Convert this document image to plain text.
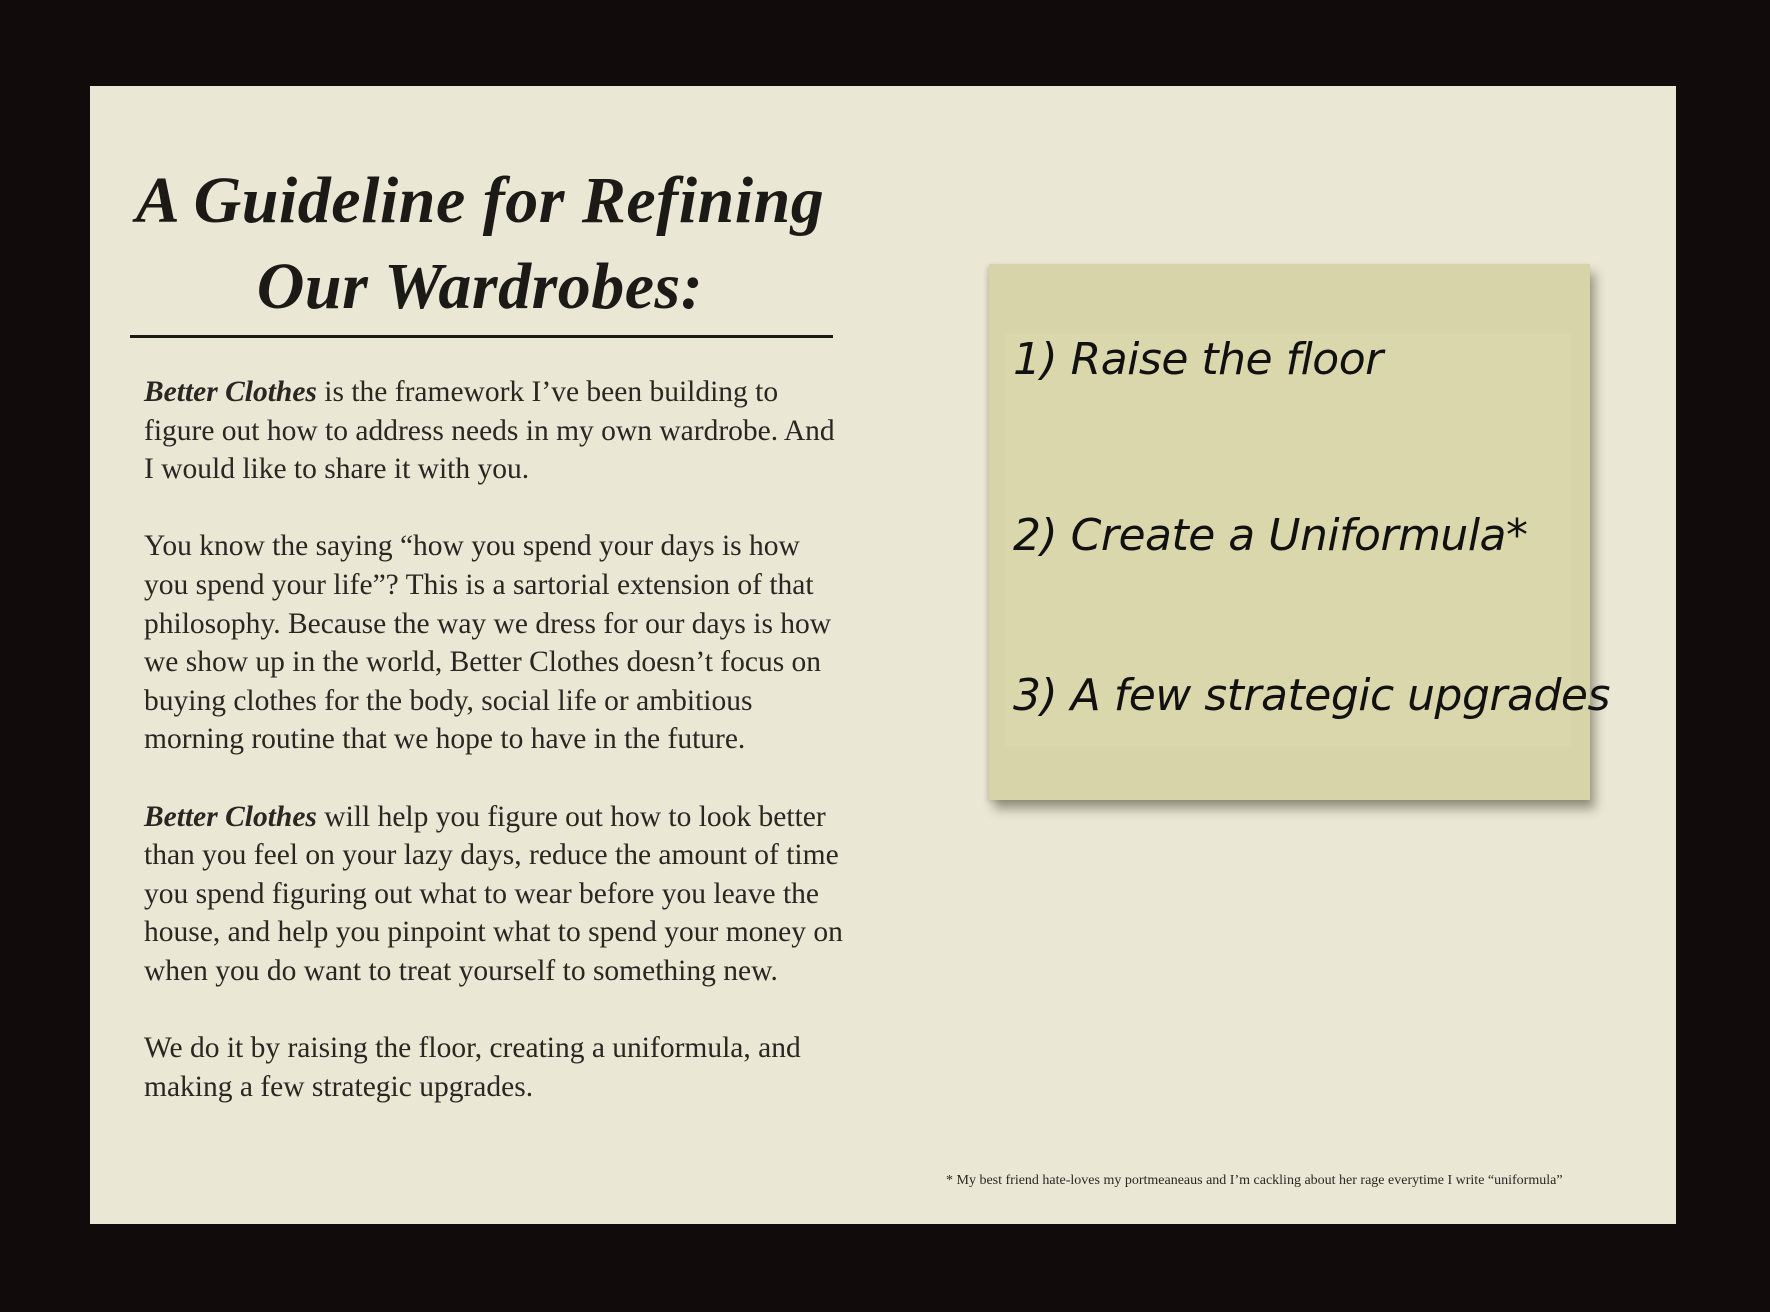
A Guideline for Refining
Our Wardrobes:

Better Clothes is the framework I’ve been building to figure out how to address needs in my own wardrobe. And I would like to share it with you.

You know the saying “how you spend your days is how you spend your life”? This is a sartorial extension of that philosophy. Because the way we dress for our days is how we show up in the world, Better Clothes doesn’t focus on buying clothes for the body, social life or ambitious morning routine that we hope to have in the future.

Better Clothes will help you figure out how to look better than you feel on your lazy days, reduce the amount of time you spend figuring out what to wear before you leave the house, and help you pinpoint what to spend your money on when you do want to treat yourself to something new.

We do it by raising the floor, creating a uniformula, and making a few strategic upgrades.

1) Raise the floor
2) Create a Uniformula*
3) A few strategic upgrades
* My best friend hate-loves my portmeaneaus and I’m cackling about her rage everytime I write “uniformula”
